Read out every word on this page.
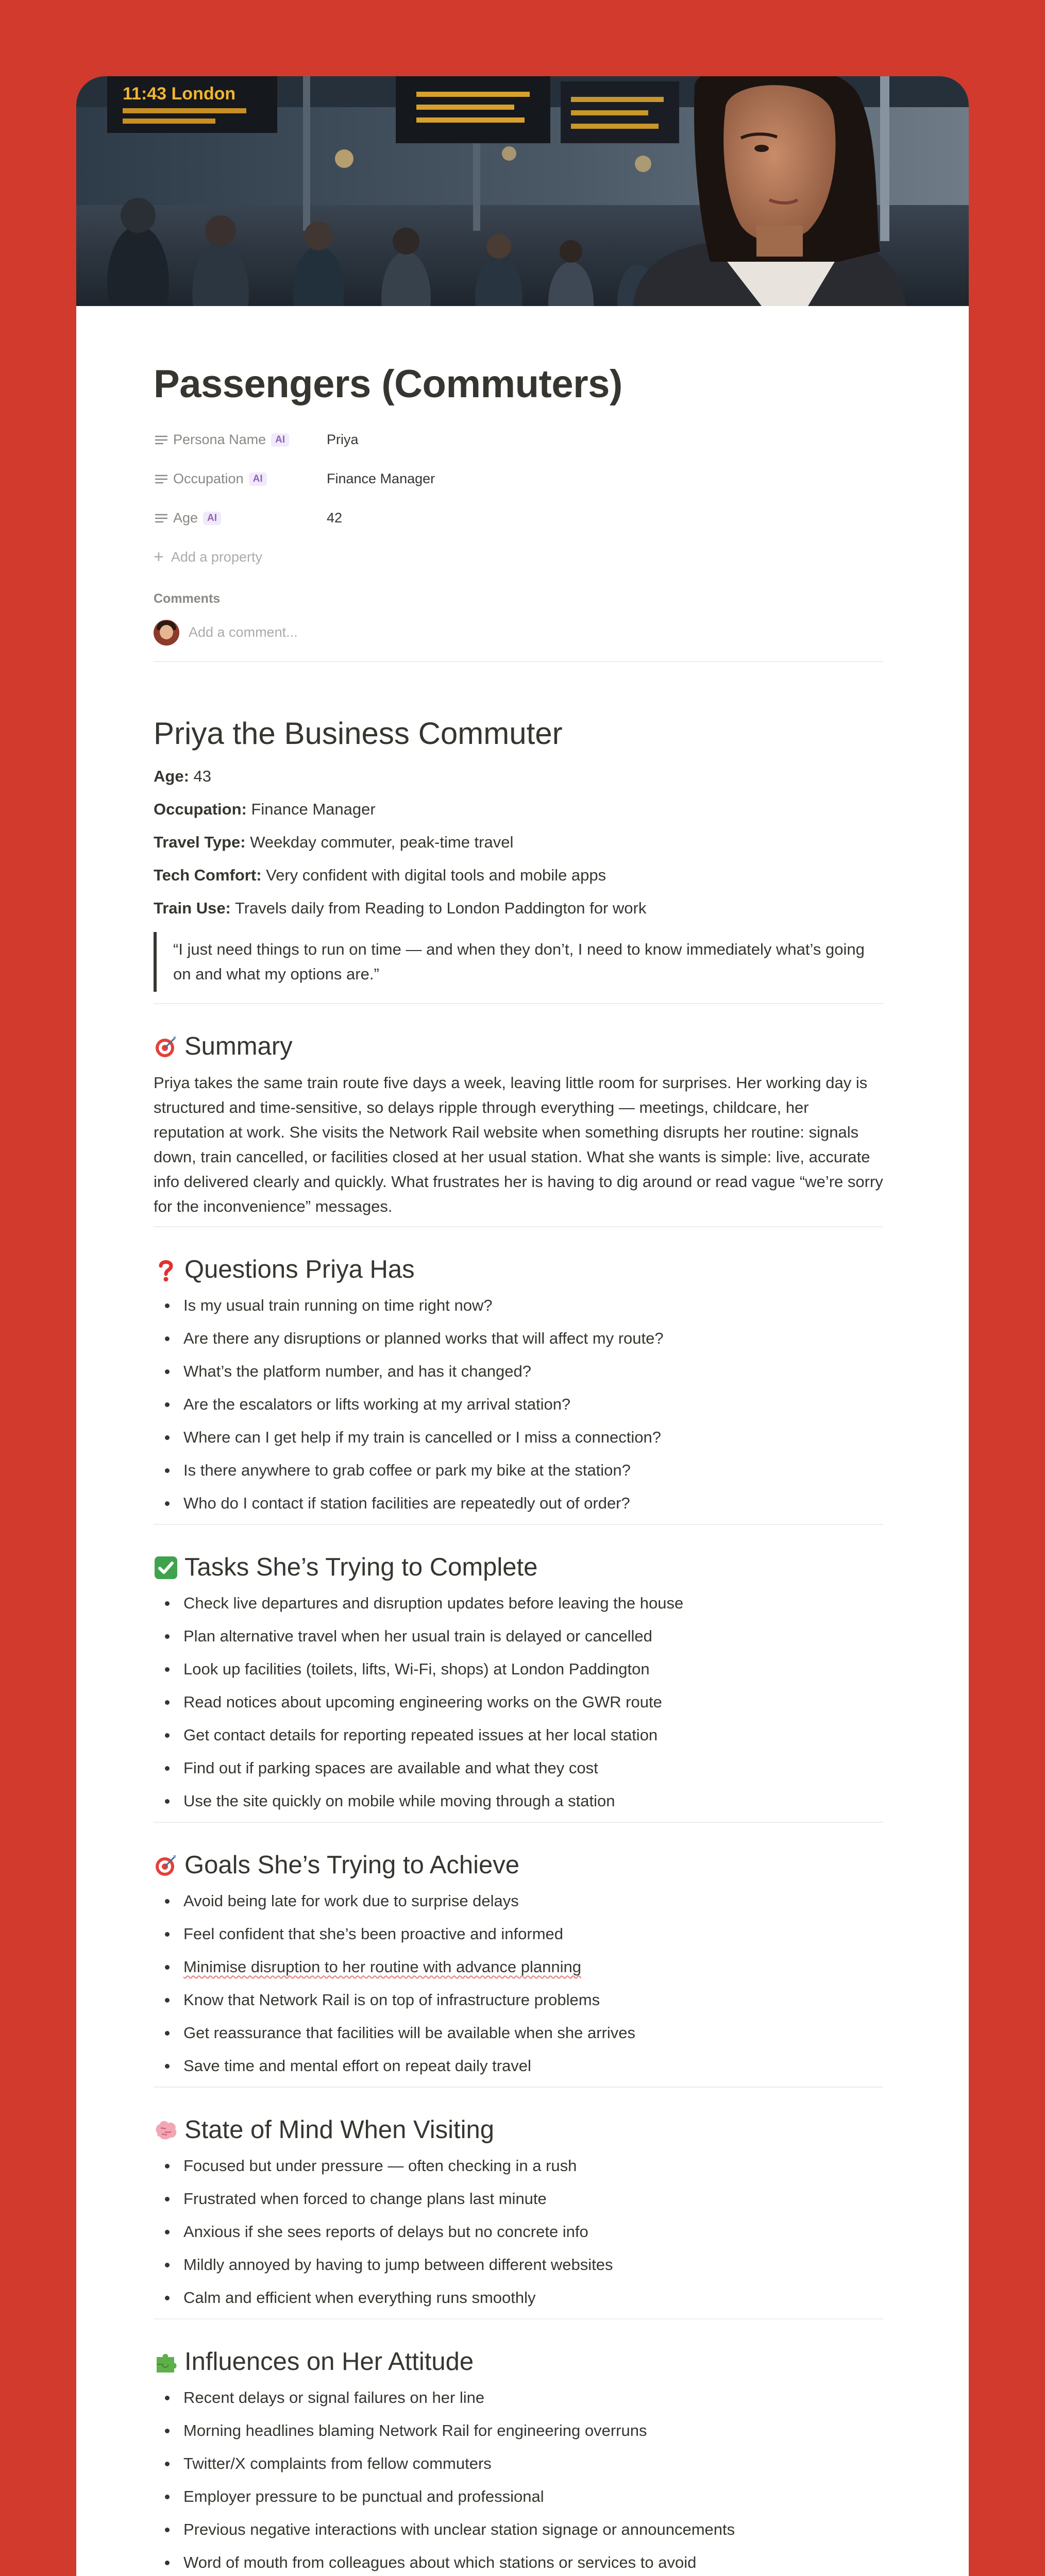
11:43 London
Passengers (Commuters)
Persona Name AI	Priya
Occupation AI	Finance Manager
Age AI	42
+ Add a property
Comments
Add a comment...
Priya the Business Commuter
Age: 43
Occupation: Finance Manager
Travel Type: Weekday commuter, peak-time travel
Tech Comfort: Very confident with digital tools and mobile apps
Train Use: Travels daily from Reading to London Paddington for work
“I just need things to run on time — and when they don’t, I need to know immediately what’s going on and what my options are.”
Summary
Priya takes the same train route five days a week, leaving little room for surprises. Her working day is structured and time-sensitive, so delays ripple through everything — meetings, childcare, her reputation at work. She visits the Network Rail website when something disrupts her routine: signals down, train cancelled, or facilities closed at her usual station. What she wants is simple: live, accurate info delivered clearly and quickly. What frustrates her is having to dig around or read vague “we’re sorry for the inconvenience” messages.
Questions Priya Has
Is my usual train running on time right now?
Are there any disruptions or planned works that will affect my route?
What’s the platform number, and has it changed?
Are the escalators or lifts working at my arrival station?
Where can I get help if my train is cancelled or I miss a connection?
Is there anywhere to grab coffee or park my bike at the station?
Who do I contact if station facilities are repeatedly out of order?
Tasks She’s Trying to Complete
Check live departures and disruption updates before leaving the house
Plan alternative travel when her usual train is delayed or cancelled
Look up facilities (toilets, lifts, Wi-Fi, shops) at London Paddington
Read notices about upcoming engineering works on the GWR route
Get contact details for reporting repeated issues at her local station
Find out if parking spaces are available and what they cost
Use the site quickly on mobile while moving through a station
Goals She’s Trying to Achieve
Avoid being late for work due to surprise delays
Feel confident that she’s been proactive and informed
Minimise disruption to her routine with advance planning
Know that Network Rail is on top of infrastructure problems
Get reassurance that facilities will be available when she arrives
Save time and mental effort on repeat daily travel
State of Mind When Visiting
Focused but under pressure — often checking in a rush
Frustrated when forced to change plans last minute
Anxious if she sees reports of delays but no concrete info
Mildly annoyed by having to jump between different websites
Calm and efficient when everything runs smoothly
Influences on Her Attitude
Recent delays or signal failures on her line
Morning headlines blaming Network Rail for engineering overruns
Twitter/X complaints from fellow commuters
Employer pressure to be punctual and professional
Previous negative interactions with unclear station signage or announcements
Word of mouth from colleagues about which stations or services to avoid
